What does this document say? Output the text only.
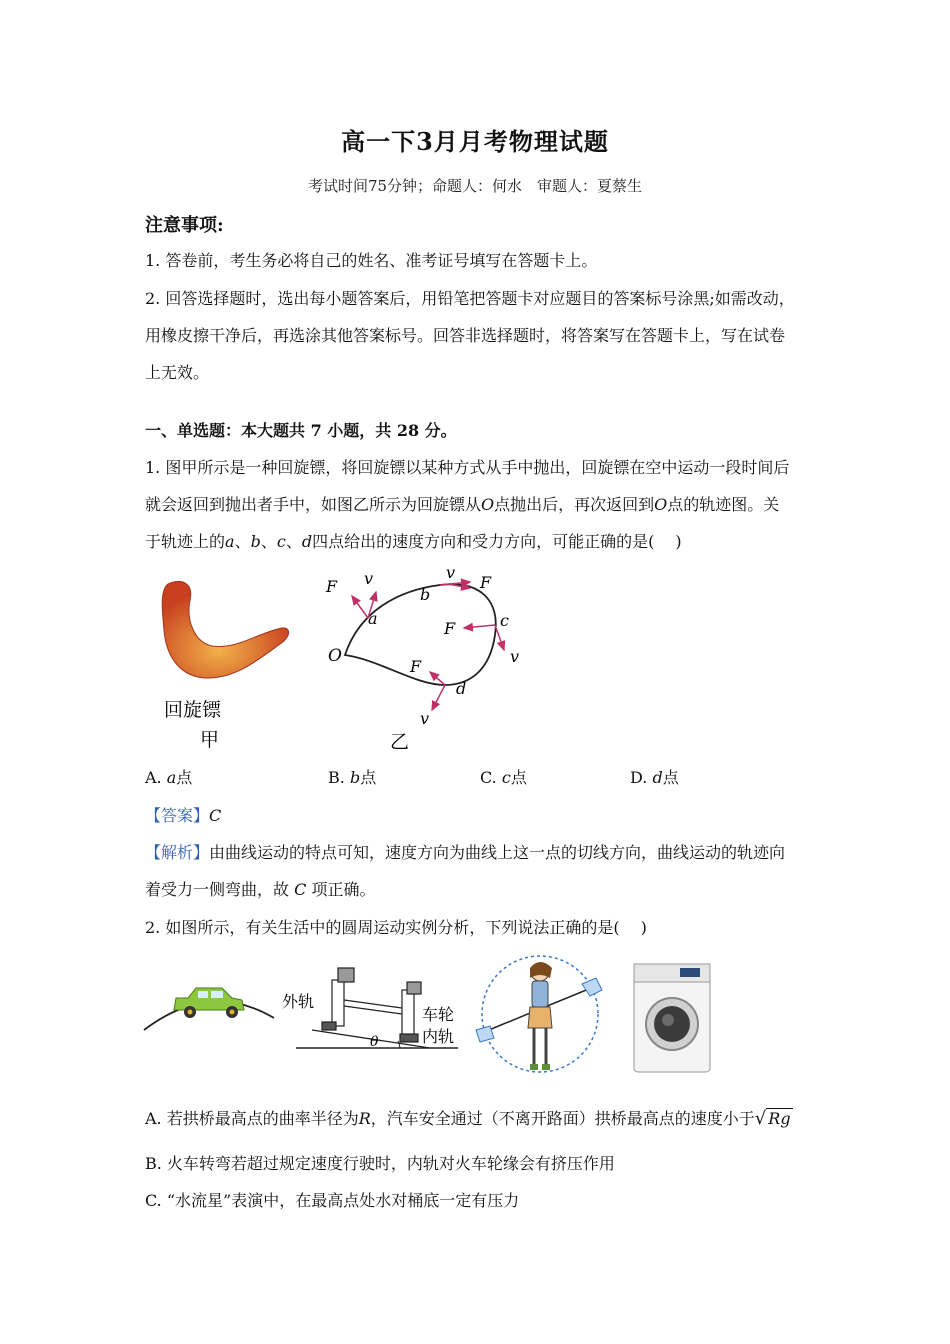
高一下3月月考物理试题
考试时间75分钟；命题人：何水　审题人：夏蔡生
注意事项:
1. 答卷前，考生务必将自己的姓名、准考证号填写在答题卡上。
2. 回答选择题时，选出每小题答案后，用铅笔把答题卡对应题目的答案标号涂黑;如需改动，
用橡皮擦干净后，再选涂其他答案标号。回答非选择题时，将答案写在答题卡上，写在试卷
上无效。
一、单选题：本大题共 7 小题，共 28 分。
1. 图甲所示是一种回旋镖，将回旋镖以某种方式从手中抛出，回旋镖在空中运动一段时间后
就会返回到抛出者手中，如图乙所示为回旋镖从O点抛出后，再次返回到O点的轨迹图。关
于轨迹上的a、b、c、d四点给出的速度方向和受力方向，可能正确的是(　 )
回旋镖
甲
O
F v
a
v
F
b
F	c
v
F
d
v
乙
A. a点	B. b点	C. c点	D. d点
【答案】C
【解析】由曲线运动的特点可知，速度方向为曲线上这一点的切线方向，曲线运动的轨迹向
着受力一侧弯曲，故 C 项正确。
2. 如图所示，有关生活中的圆周运动实例分析，下列说法正确的是(　 )
外轨
车轮
内轨
θ
A. 若拱桥最高点的曲率半径为R，汽车安全通过（不离开路面）拱桥最高点的速度小于√ Rg
B. 火车转弯若超过规定速度行驶时，内轨对火车轮缘会有挤压作用
C. “水流星”表演中，在最高点处水对桶底一定有压力
